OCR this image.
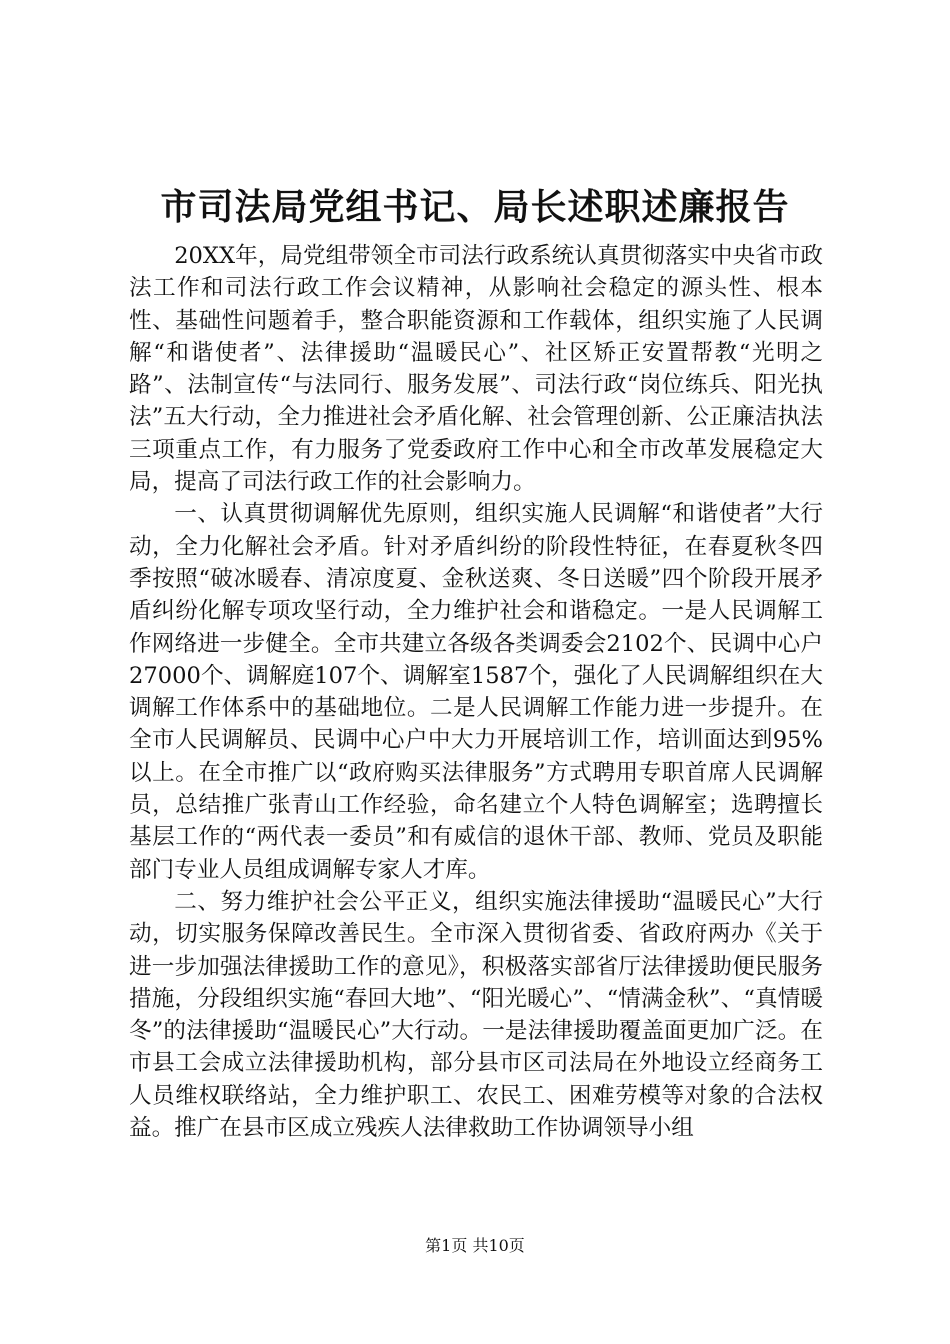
市司法局党组书记、局长述职述廉报告

20XX年，局党组带领全市司法行政系统认真贯彻落实中央省市政法工作和司法行政工作会议精神，从影响社会稳定的源头性、根本性、基础性问题着手，整合职能资源和工作载体，组织实施了人民调解“和谐使者”、法律援助“温暖民心”、社区矫正安置帮教“光明之路”、法制宣传“与法同行、服务发展”、司法行政“岗位练兵、阳光执法”五大行动，全力推进社会矛盾化解、社会管理创新、公正廉洁执法三项重点工作，有力服务了党委政府工作中心和全市改革发展稳定大局，提高了司法行政工作的社会影响力。

一、认真贯彻调解优先原则，组织实施人民调解“和谐使者”大行动，全力化解社会矛盾。针对矛盾纠纷的阶段性特征，在春夏秋冬四季按照“破冰暖春、清凉度夏、金秋送爽、冬日送暖”四个阶段开展矛盾纠纷化解专项攻坚行动，全力维护社会和谐稳定。一是人民调解工作网络进一步健全。全市共建立各级各类调委会2102个、民调中心户27000个、调解庭107个、调解室1587个，强化了人民调解组织在大调解工作体系中的基础地位。二是人民调解工作能力进一步提升。在全市人民调解员、民调中心户中大力开展培训工作，培训面达到95%以上。在全市推广以“政府购买法律服务”方式聘用专职首席人民调解员，总结推广张青山工作经验，命名建立个人特色调解室；选聘擅长基层工作的“两代表一委员”和有威信的退休干部、教师、党员及职能部门专业人员组成调解专家人才库。

二、努力维护社会公平正义，组织实施法律援助“温暖民心”大行动，切实服务保障改善民生。全市深入贯彻省委、省政府两办《关于进一步加强法律援助工作的意见》，积极落实部省厅法律援助便民服务措施，分段组织实施“春回大地”、“阳光暖心”、“情满金秋”、“真情暖冬”的法律援助“温暖民心”大行动。一是法律援助覆盖面更加广泛。在市县工会成立法律援助机构，部分县市区司法局在外地设立经商务工人员维权联络站，全力维护职工、农民工、困难劳模等对象的合法权益。推广在县市区成立残疾人法律救助工作协调领导小组

第1页 共10页
